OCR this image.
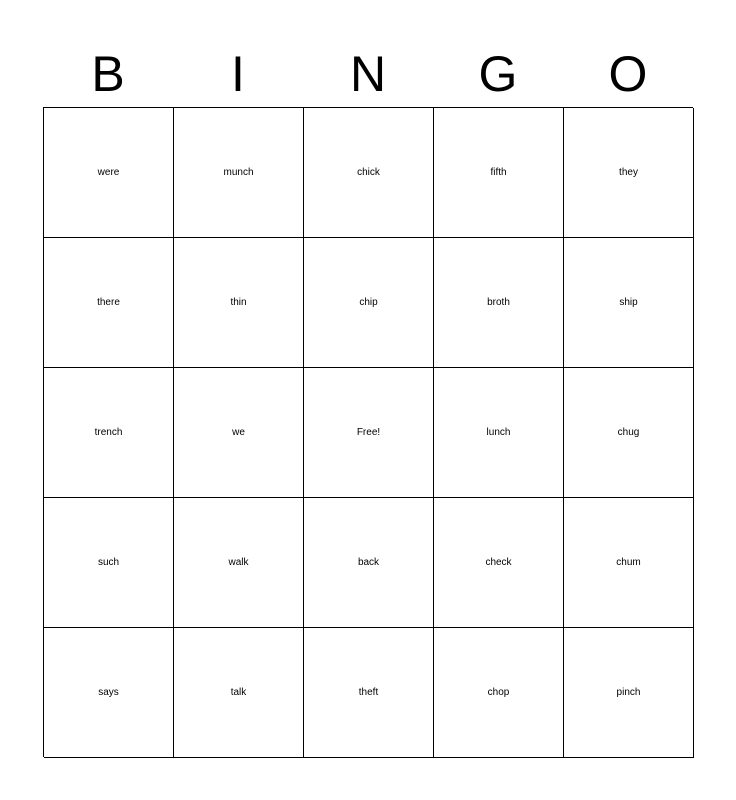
B	I	N	G	O
were	munch	chick	fifth	they
there	thin	chip	broth	ship
trench	we	Free!	lunch	chug
such	walk	back	check	chum
says	talk	theft	chop	pinch
